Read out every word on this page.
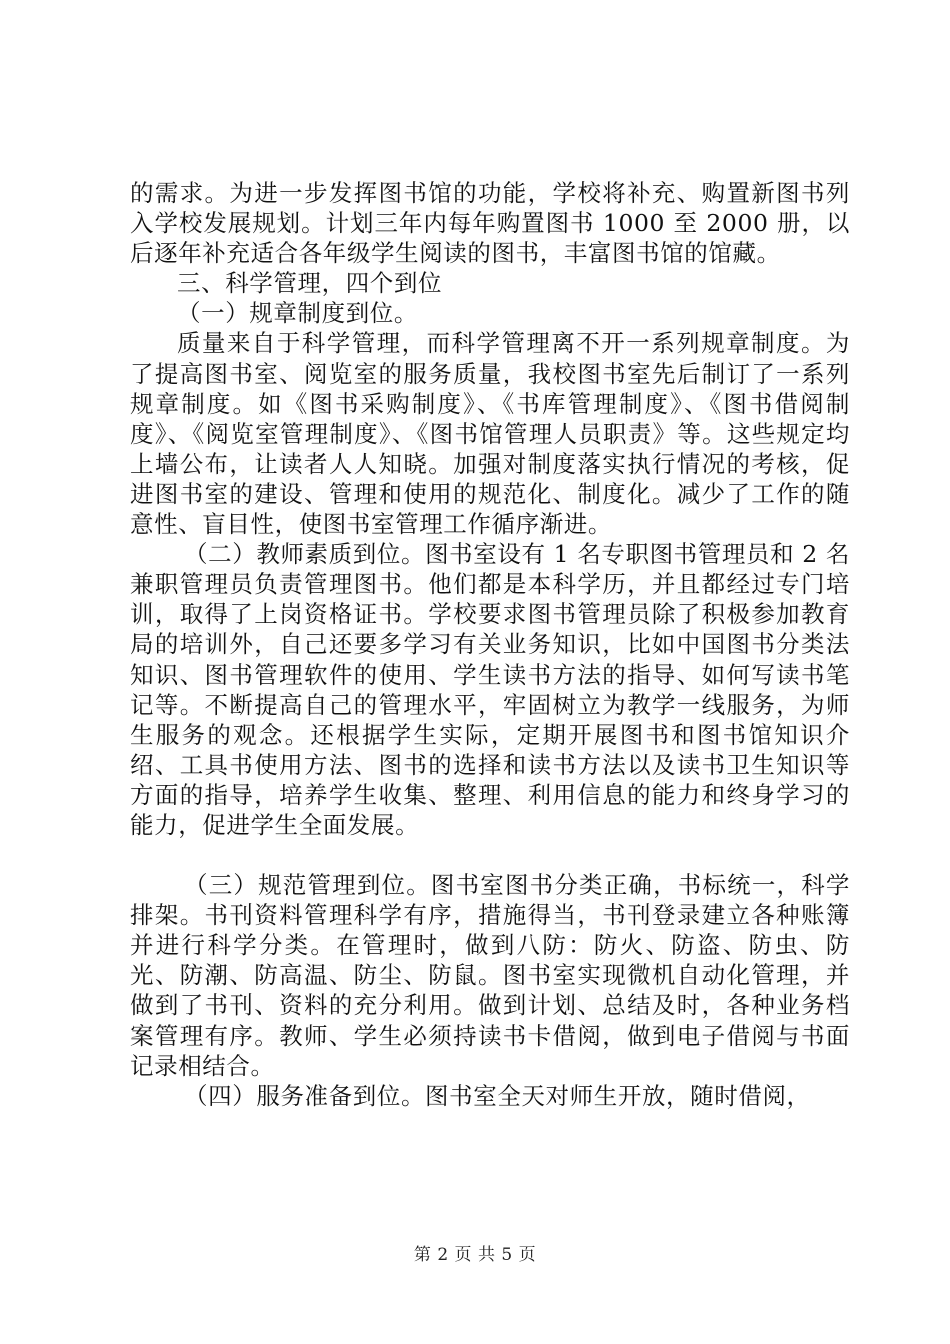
的需求。为进一步发挥图书馆的功能，学校将补充、购置新图书列入学校发展规划。计划三年内每年购置图书 1000 至 2000 册，以后逐年补充适合各年级学生阅读的图书，丰富图书馆的馆藏。

三、科学管理，四个到位

（一）规章制度到位。

质量来自于科学管理，而科学管理离不开一系列规章制度。为了提高图书室、阅览室的服务质量，我校图书室先后制订了一系列规章制度。如《图书采购制度》、《书库管理制度》、《图书借阅制度》、《阅览室管理制度》、《图书馆管理人员职责》等。这些规定均上墙公布，让读者人人知晓。加强对制度落实执行情况的考核，促进图书室的建设、管理和使用的规范化、制度化。减少了工作的随意性、盲目性，使图书室管理工作循序渐进。

（二）教师素质到位。图书室设有 1 名专职图书管理员和 2 名兼职管理员负责管理图书。他们都是本科学历，并且都经过专门培训，取得了上岗资格证书。学校要求图书管理员除了积极参加教育局的培训外，自己还要多学习有关业务知识，比如中国图书分类法知识、图书管理软件的使用、学生读书方法的指导、如何写读书笔记等。不断提高自己的管理水平，牢固树立为教学一线服务，为师生服务的观念。还根据学生实际，定期开展图书和图书馆知识介绍、工具书使用方法、图书的选择和读书方法以及读书卫生知识等方面的指导，培养学生收集、整理、利用信息的能力和终身学习的能力，促进学生全面发展。

（三）规范管理到位。图书室图书分类正确，书标统一，科学排架。书刊资料管理科学有序，措施得当，书刊登录建立各种账簿并进行科学分类。在管理时，做到八防：防火、防盗、防虫、防光、防潮、防高温、防尘、防鼠。图书室实现微机自动化管理，并做到了书刊、资料的充分利用。做到计划、总结及时，各种业务档案管理有序。教师、学生必须持读书卡借阅，做到电子借阅与书面记录相结合。

（四）服务准备到位。图书室全天对师生开放，随时借阅，

第 2 页 共 5 页
